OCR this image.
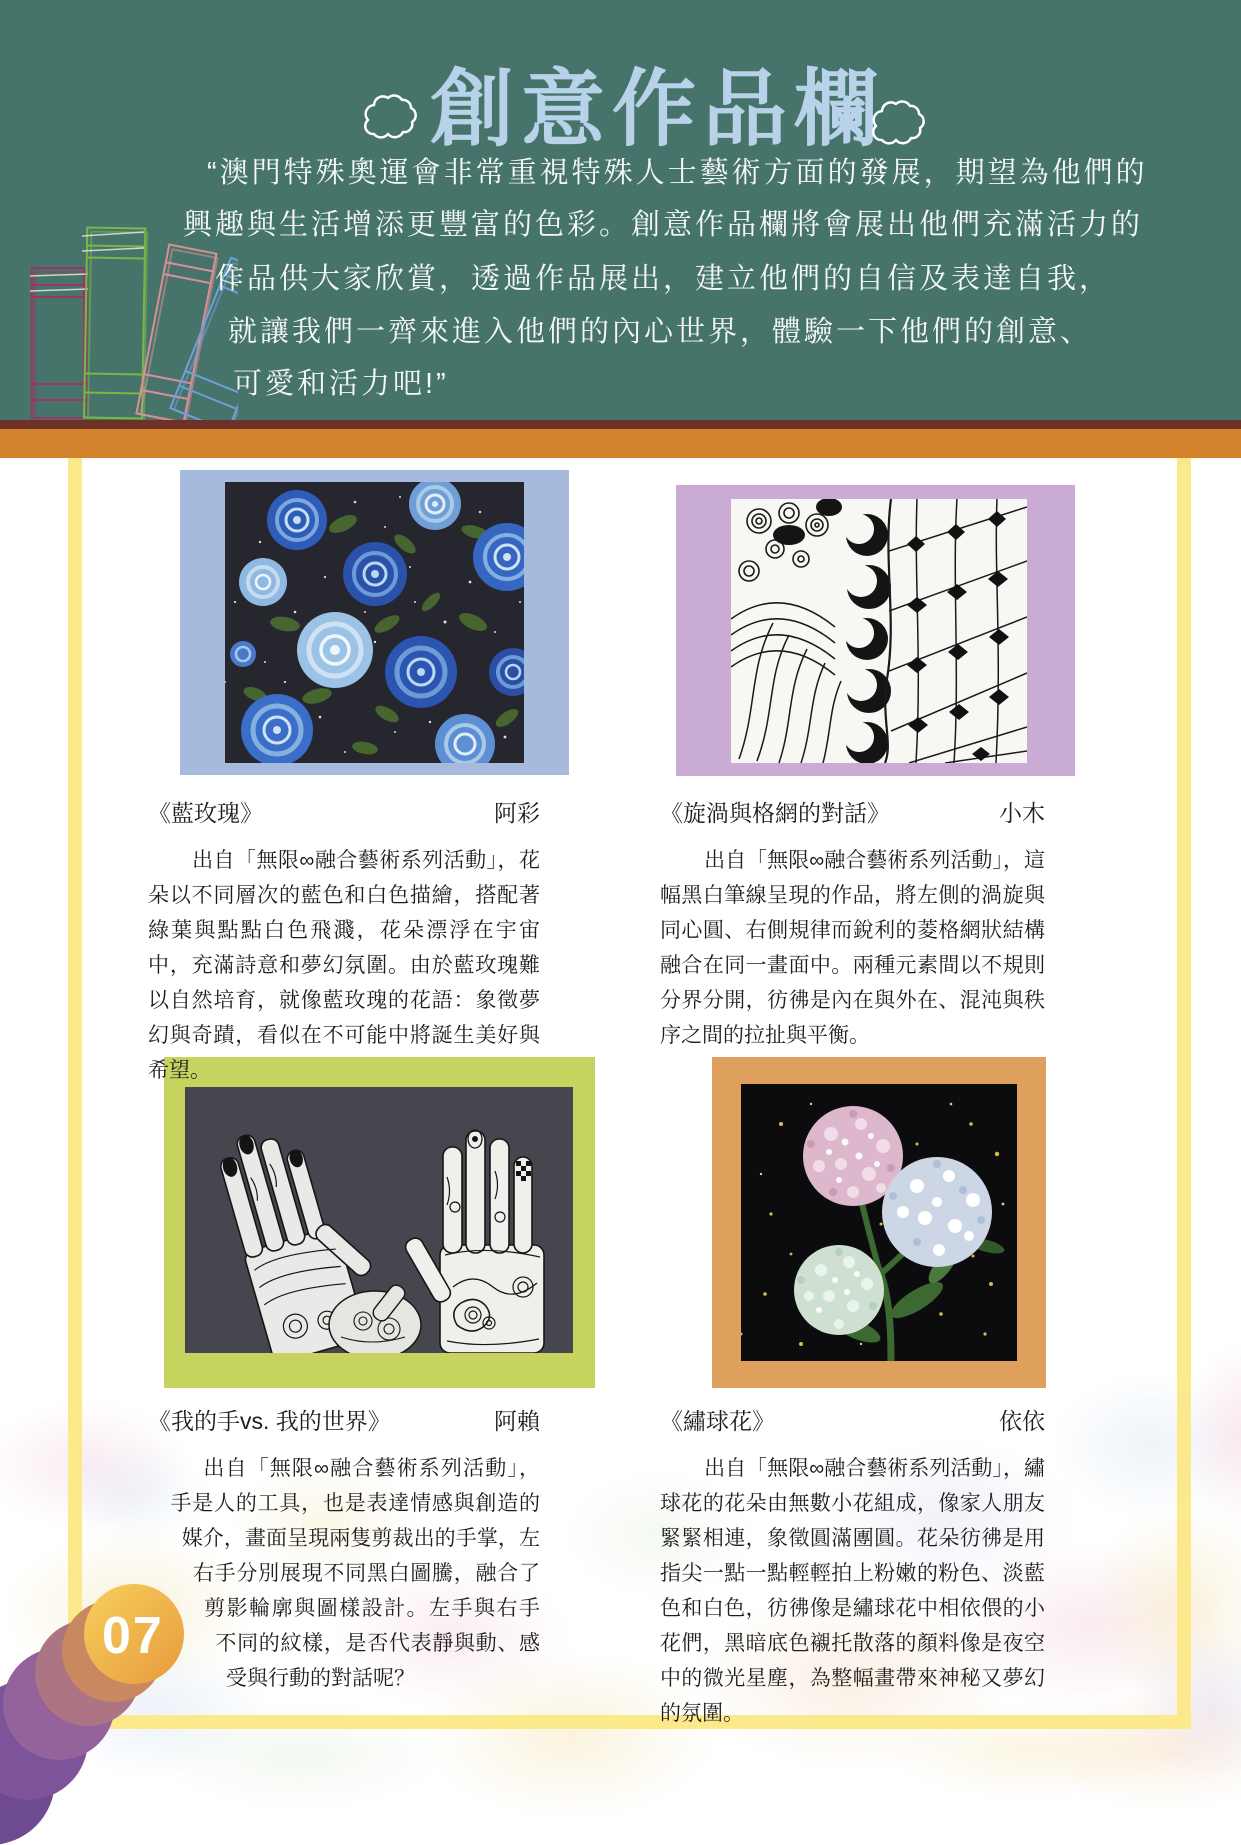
創意作品欄
“澳門特殊奧運會非常重視特殊人士藝術方面的發展，期望為他們的
興趣與生活增添更豐富的色彩。創意作品欄將會展出他們充滿活力的
作品供大家欣賞，透過作品展出，建立他們的自信及表達自我，
就讓我們一齊來進入他們的內心世界，體驗一下他們的創意、
可愛和活力吧!”
《藍玫瑰》	阿彩	《旋渦與格網的對話》	小木
出自「無限∞融合藝術系列活動」，花朵以不同層次的藍色和白色描繪，搭配著綠葉與點點白色飛濺，花朵漂浮在宇宙中，充滿詩意和夢幻氛圍。由於藍玫瑰難以自然培育，就像藍玫瑰的花語：象徵夢幻與奇蹟，看似在不可能中將誕生美好與希望。
出自「無限∞融合藝術系列活動」，這幅黑白筆線呈現的作品，將左側的渦旋與同心圓、右側規律而銳利的菱格網狀結構融合在同一畫面中。兩種元素間以不規則分界分開，彷彿是內在與外在、混沌與秩序之間的拉扯與平衡。
《我的手vs. 我的世界》	阿賴	《繡球花》	依依
出自「無限∞融合藝術系列活動」，手是人的工具，也是表達情感與創造的媒介，畫面呈現兩隻剪裁出的手掌，左右手分別展現不同黑白圖騰，融合了剪影輪廓與圖樣設計。左手與右手不同的紋樣，是否代表靜與動、感受與行動的對話呢？
出自「無限∞融合藝術系列活動」，繡球花的花朵由無數小花組成，像家人朋友緊緊相連，象徵圓滿團圓。花朵彷彿是用指尖一點一點輕輕拍上粉嫩的粉色、淡藍色和白色，彷彿像是繡球花中相依偎的小花們，黑暗底色襯托散落的顏料像是夜空中的微光星塵，為整幅畫帶來神秘又夢幻的氛圍。
07
